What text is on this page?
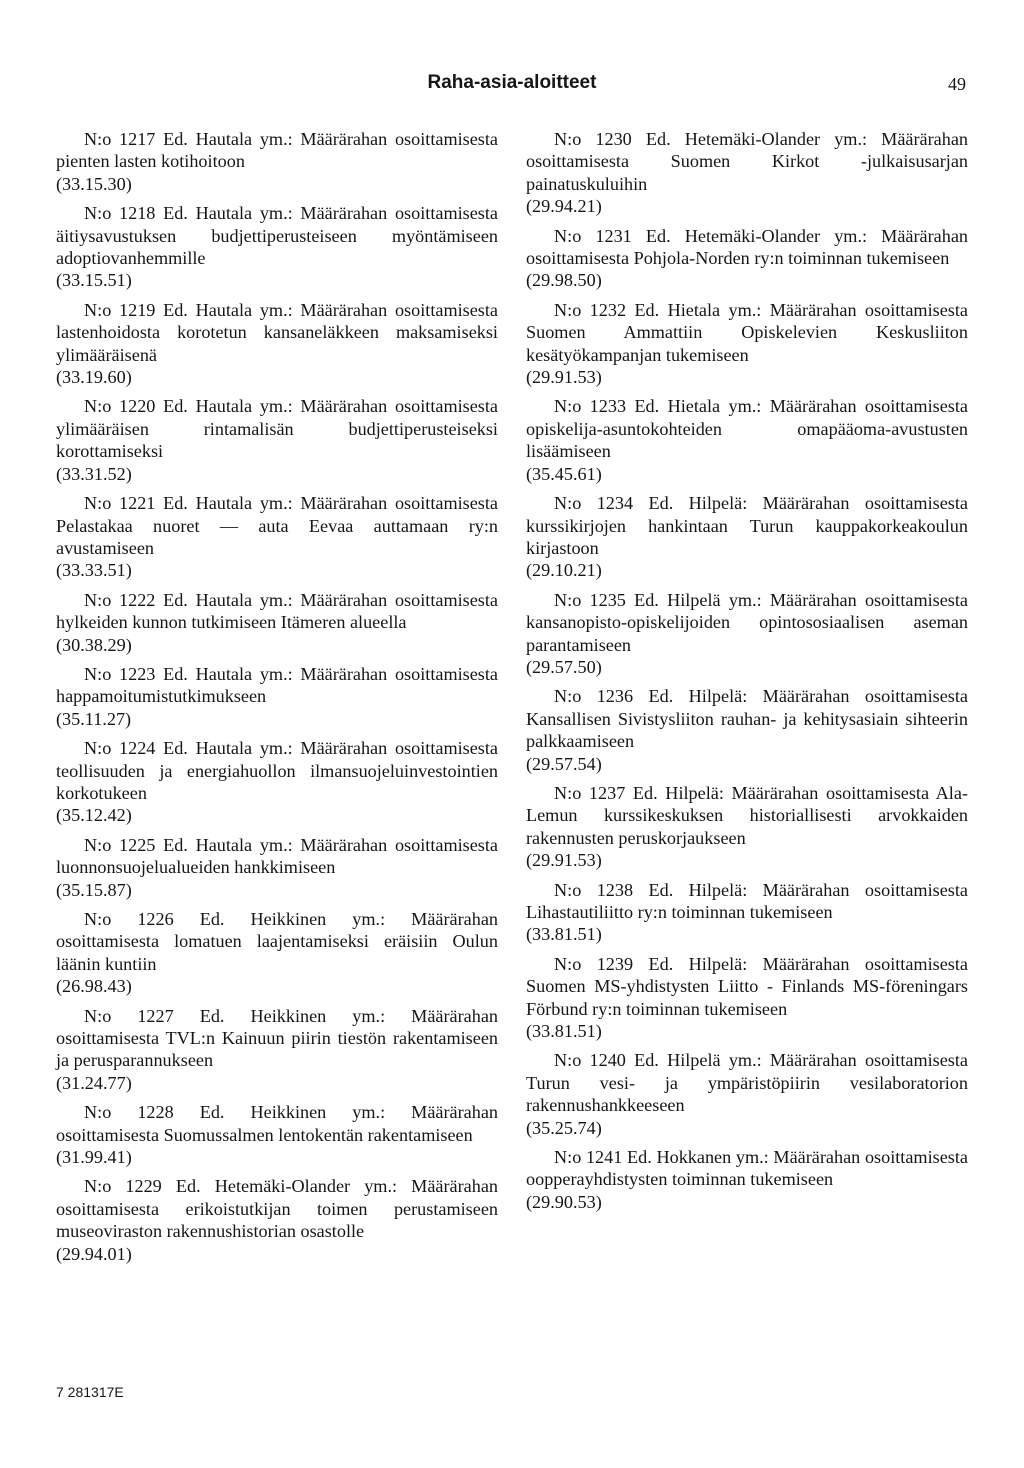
Raha-asia-aloitteet	49

N:o 1217 Ed. Hautala ym.: Määrärahan osoittamisesta pienten lasten kotihoitoon

(33.15.30)

N:o 1218 Ed. Hautala ym.: Määrärahan osoittamisesta äitiysavustuksen budjettiperusteiseen myöntämiseen adoptiovanhemmille

(33.15.51)

N:o 1219 Ed. Hautala ym.: Määrärahan osoittamisesta lastenhoidosta korotetun kansaneläkkeen maksamiseksi ylimääräisenä

(33.19.60)

N:o 1220 Ed. Hautala ym.: Määrärahan osoittamisesta ylimääräisen rintamalisän budjettiperusteiseksi korottamiseksi

(33.31.52)

N:o 1221 Ed. Hautala ym.: Määrärahan osoittamisesta Pelastakaa nuoret — auta Eevaa auttamaan ry:n avustamiseen

(33.33.51)

N:o 1222 Ed. Hautala ym.: Määrärahan osoittamisesta hylkeiden kunnon tutkimiseen Itämeren alueella

(30.38.29)

N:o 1223 Ed. Hautala ym.: Määrärahan osoittamisesta happamoitumistutkimukseen

(35.11.27)

N:o 1224 Ed. Hautala ym.: Määrärahan osoittamisesta teollisuuden ja energiahuollon ilmansuojeluinvestointien korkotukeen

(35.12.42)

N:o 1225 Ed. Hautala ym.: Määrärahan osoittamisesta luonnonsuojelualueiden hankkimiseen

(35.15.87)

N:o 1226 Ed. Heikkinen ym.: Määrärahan osoittamisesta lomatuen laajentamiseksi eräisiin Oulun läänin kuntiin

(26.98.43)

N:o 1227 Ed. Heikkinen ym.: Määrärahan osoittamisesta TVL:n Kainuun piirin tiestön rakentamiseen ja perusparannukseen

(31.24.77)

N:o 1228 Ed. Heikkinen ym.: Määrärahan osoittamisesta Suomussalmen lentokentän rakentamiseen

(31.99.41)

N:o 1229 Ed. Hetemäki-Olander ym.: Määrärahan osoittamisesta erikoistutkijan toimen perustamiseen museoviraston rakennushistorian osastolle

(29.94.01)

N:o 1230 Ed. Hetemäki-Olander ym.: Määrärahan osoittamisesta Suomen Kirkot -julkaisusarjan painatuskuluihin

(29.94.21)

N:o 1231 Ed. Hetemäki-Olander ym.: Määrärahan osoittamisesta Pohjola-Norden ry:n toiminnan tukemiseen

(29.98.50)

N:o 1232 Ed. Hietala ym.: Määrärahan osoittamisesta Suomen Ammattiin Opiskelevien Keskusliiton kesätyökampanjan tukemiseen

(29.91.53)

N:o 1233 Ed. Hietala ym.: Määrärahan osoittamisesta opiskelija-asuntokohteiden omapääoma-avustusten lisäämiseen

(35.45.61)

N:o 1234 Ed. Hilpelä: Määrärahan osoittamisesta kurssikirjojen hankintaan Turun kauppakorkeakoulun kirjastoon

(29.10.21)

N:o 1235 Ed. Hilpelä ym.: Määrärahan osoittamisesta kansanopisto-opiskelijoiden opintososiaalisen aseman parantamiseen

(29.57.50)

N:o 1236 Ed. Hilpelä: Määrärahan osoittamisesta Kansallisen Sivistysliiton rauhan- ja kehitysasiain sihteerin palkkaamiseen

(29.57.54)

N:o 1237 Ed. Hilpelä: Määrärahan osoittamisesta Ala-Lemun kurssikeskuksen historiallisesti arvokkaiden rakennusten peruskorjaukseen

(29.91.53)

N:o 1238 Ed. Hilpelä: Määrärahan osoittamisesta Lihastautiliitto ry:n toiminnan tukemiseen

(33.81.51)

N:o 1239 Ed. Hilpelä: Määrärahan osoittamisesta Suomen MS-yhdistysten Liitto - Finlands MS-föreningars Förbund ry:n toiminnan tukemiseen

(33.81.51)

N:o 1240 Ed. Hilpelä ym.: Määrärahan osoittamisesta Turun vesi- ja ympäristöpiirin vesilaboratorion rakennushankkeeseen

(35.25.74)

N:o 1241 Ed. Hokkanen ym.: Määrärahan osoittamisesta oopperayhdistysten toiminnan tukemiseen

(29.90.53)

7 281317E
